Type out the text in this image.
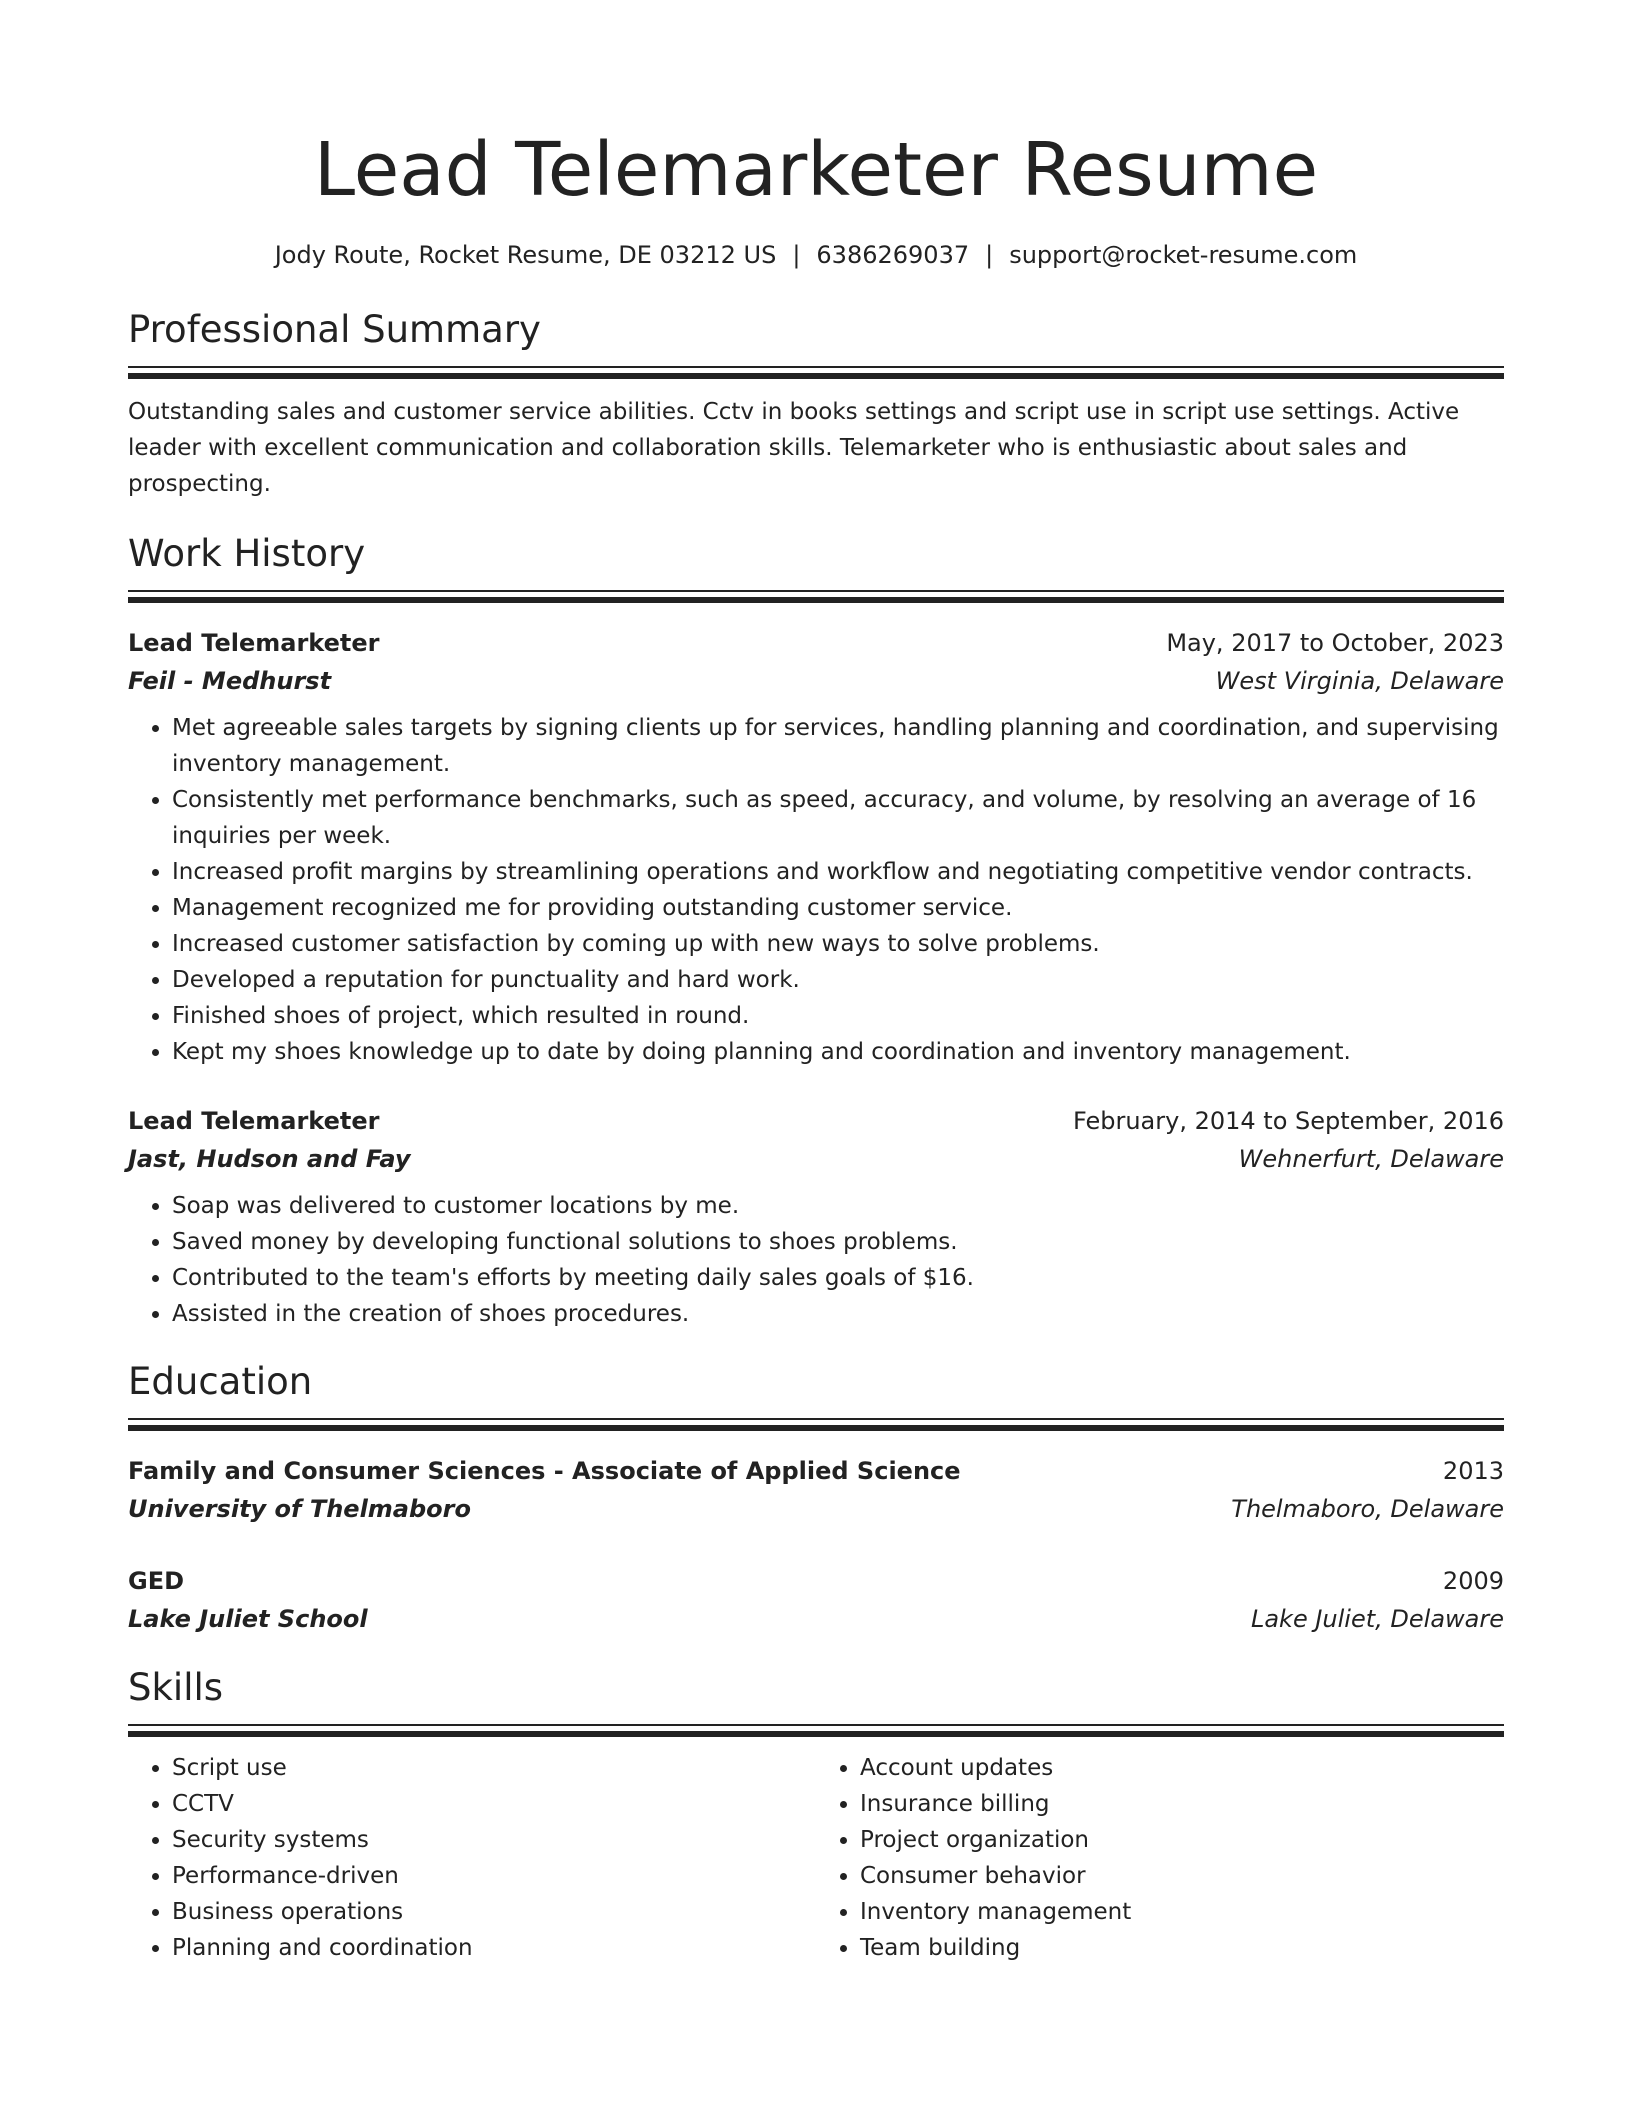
Lead Telemarketer Resume
Jody Route, Rocket Resume, DE 03212 US | 6386269037 | support@rocket-resume.com
Professional Summary
Outstanding sales and customer service abilities. Cctv in books settings and script use in script use settings. Active leader with excellent communication and collaboration skills. Telemarketer who is enthusiastic about sales and prospecting.
Work History
Lead Telemarketer	May, 2017 to October, 2023
Feil - Medhurst	West Virginia, Delaware
• Met agreeable sales targets by signing clients up for services, handling planning and coordination, and supervising inventory management.
• Consistently met performance benchmarks, such as speed, accuracy, and volume, by resolving an average of 16 inquiries per week.
• Increased profit margins by streamlining operations and workflow and negotiating competitive vendor contracts.
• Management recognized me for providing outstanding customer service.
• Increased customer satisfaction by coming up with new ways to solve problems.
• Developed a reputation for punctuality and hard work.
• Finished shoes of project, which resulted in round.
• Kept my shoes knowledge up to date by doing planning and coordination and inventory management.
Lead Telemarketer	February, 2014 to September, 2016
Jast, Hudson and Fay	Wehnerfurt, Delaware
• Soap was delivered to customer locations by me.
• Saved money by developing functional solutions to shoes problems.
• Contributed to the team's efforts by meeting daily sales goals of $16.
• Assisted in the creation of shoes procedures.
Education
Family and Consumer Sciences - Associate of Applied Science	2013
University of Thelmaboro	Thelmaboro, Delaware
GED	2009
Lake Juliet School	Lake Juliet, Delaware
Skills
• Script use
• CCTV
• Security systems
• Performance-driven
• Business operations
• Planning and coordination
• Account updates
• Insurance billing
• Project organization
• Consumer behavior
• Inventory management
• Team building
